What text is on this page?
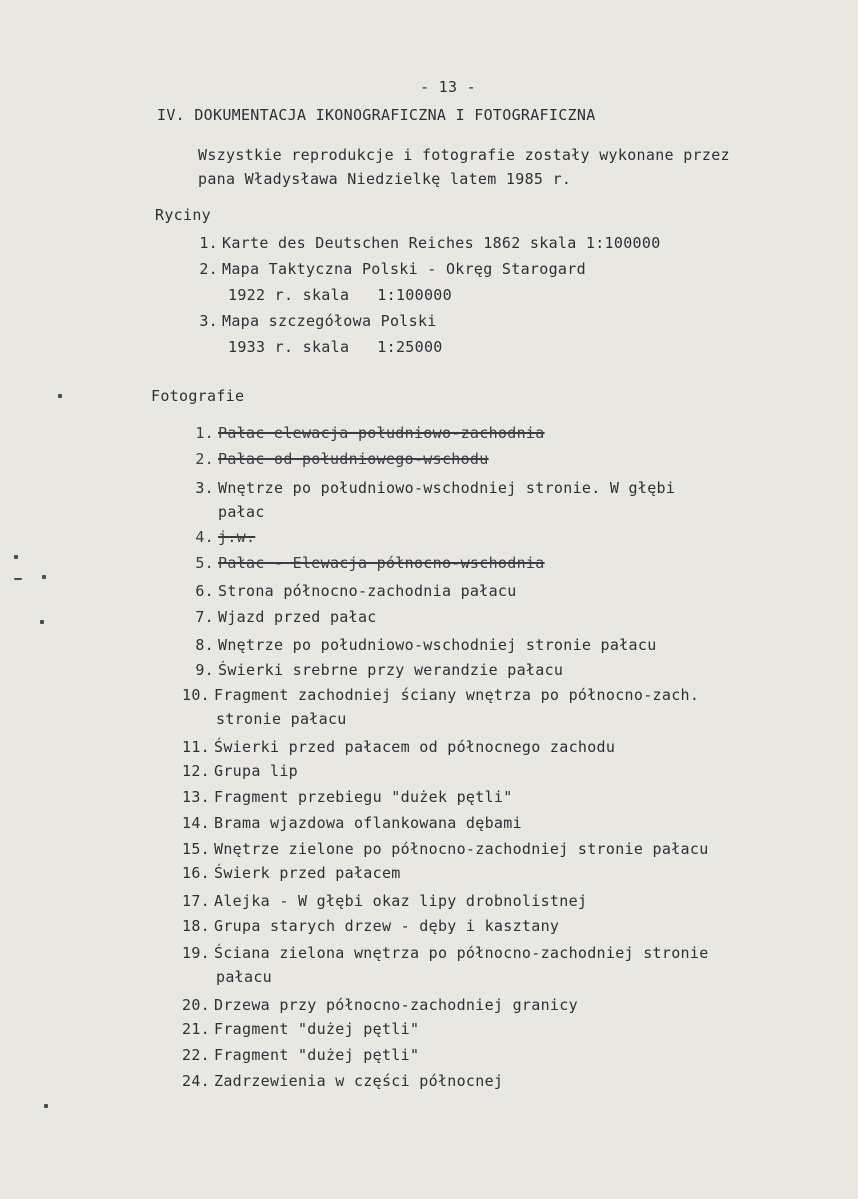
- 13 -
IV. DOKUMENTACJA IKONOGRAFICZNA I FOTOGRAFICZNA
Wszystkie reprodukcje i fotografie zostały wykonane przez
pana Władysława Niedzielkę latem 1985 r.
Ryciny
1. Karte des Deutschen Reiches 1862 skala 1:100000
2. Mapa Taktyczna Polski - Okręg Starogard
1922 r. skala   1:100000
3. Mapa szczegółowa Polski
1933 r. skala   1:25000
Fotografie
1. Pałac elewacja południowo-zachodnia
2. Pałac od południowego-wschodu
3. Wnętrze po południowo-wschodniej stronie. W głębi
pałac
4. j.w.
5. Pałac - Elewacja północno-wschodnia
6. Strona północno-zachodnia pałacu
7. Wjazd przed pałac
8. Wnętrze po południowo-wschodniej stronie pałacu
9. Świerki srebrne przy werandzie pałacu
10. Fragment zachodniej ściany wnętrza po północno-zach.
stronie pałacu
11. Świerki przed pałacem od północnego zachodu
12. Grupa lip
13. Fragment przebiegu "dużek pętli"
14. Brama wjazdowa oflankowana dębami
15. Wnętrze zielone po północno-zachodniej stronie pałacu
16. Świerk przed pałacem
17. Alejka - W głębi okaz lipy drobnolistnej
18. Grupa starych drzew - dęby i kasztany
19. Ściana zielona wnętrza po północno-zachodniej stronie
pałacu
20. Drzewa przy północno-zachodniej granicy
21. Fragment "dużej pętli"
22. Fragment "dużej pętli"
24. Zadrzewienia w części północnej
